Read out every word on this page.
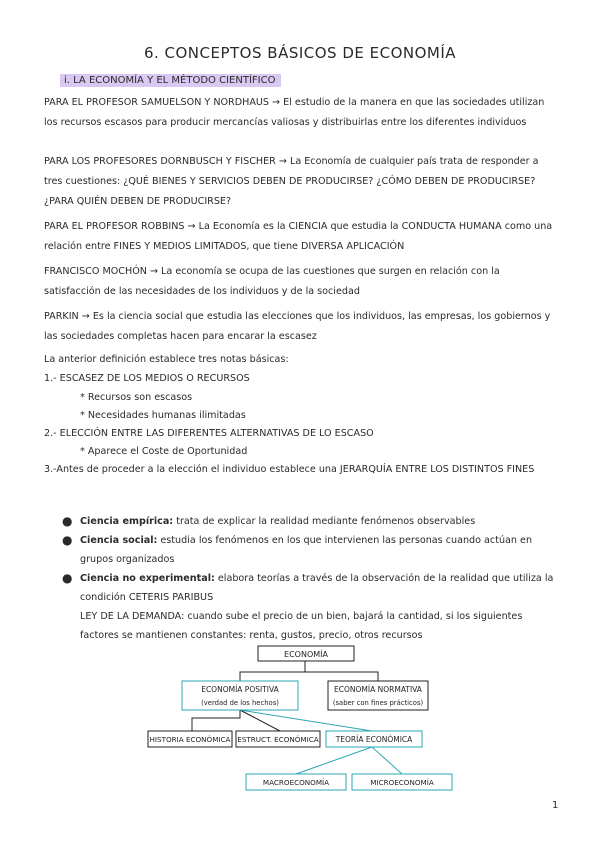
6. CONCEPTOS BÁSICOS DE ECONOMÍA
i. LA ECONOMÍA Y EL MÉTODO CIENTÍFICO
PARA EL PROFESOR SAMUELSON Y NORDHAUS → El estudio de la manera en que las sociedades utilizan los recursos escasos para producir mercancías valiosas y distribuirlas entre los diferentes individuos
PARA LOS PROFESORES DORNBUSCH Y FISCHER → La Economía de cualquier país trata de responder a tres cuestiones: ¿QUÉ BIENES Y SERVICIOS DEBEN DE PRODUCIRSE? ¿CÓMO DEBEN DE PRODUCIRSE? ¿PARA QUIÉN DEBEN DE PRODUCIRSE?
PARA EL PROFESOR ROBBINS → La Economía es la CIENCIA que estudia la CONDUCTA HUMANA como una relación entre FINES Y MEDIOS LIMITADOS, que tiene DIVERSA APLICACIÓN
FRANCISCO MOCHÓN → La economía se ocupa de las cuestiones que surgen en relación con la satisfacción de las necesidades de los individuos y de la sociedad
PARKIN → Es la ciencia social que estudia las elecciones que los individuos, las empresas, los gobiernos y las sociedades completas hacen para encarar la escasez
La anterior definición establece tres notas básicas:
1.- ESCASEZ DE LOS MEDIOS O RECURSOS
* Recursos son escasos
* Necesidades humanas ilimitadas
2.- ELECCIÓN ENTRE LAS DIFERENTES ALTERNATIVAS DE LO ESCASO
* Aparece el Coste de Oportunidad
3.-Antes de proceder a la elección el individuo establece una JERARQUÍA ENTRE LOS DISTINTOS FINES
● Ciencia empírica: trata de explicar la realidad mediante fenómenos observables
● Ciencia social: estudia los fenómenos en los que intervienen las personas cuando actúan en grupos organizados
● Ciencia no experimental: elabora teorías a través de la observación de la realidad que utiliza la condición CETERIS PARIBUS
LEY DE LA DEMANDA: cuando sube el precio de un bien, bajará la cantidad, si los siguientes factores se mantienen constantes: renta, gustos, precio, otros recursos
ECONOMÍA
ECONOMÍA POSITIVA
(verdad de los hechos)
ECONOMÍA NORMATIVA
(saber con fines prácticos)
HISTORIA ECONÓMICA ESTRUCT. ECONÓMICA TEORÍA ECONÓMICA
MACROECONOMÍA	MICROECONOMÍA
1
